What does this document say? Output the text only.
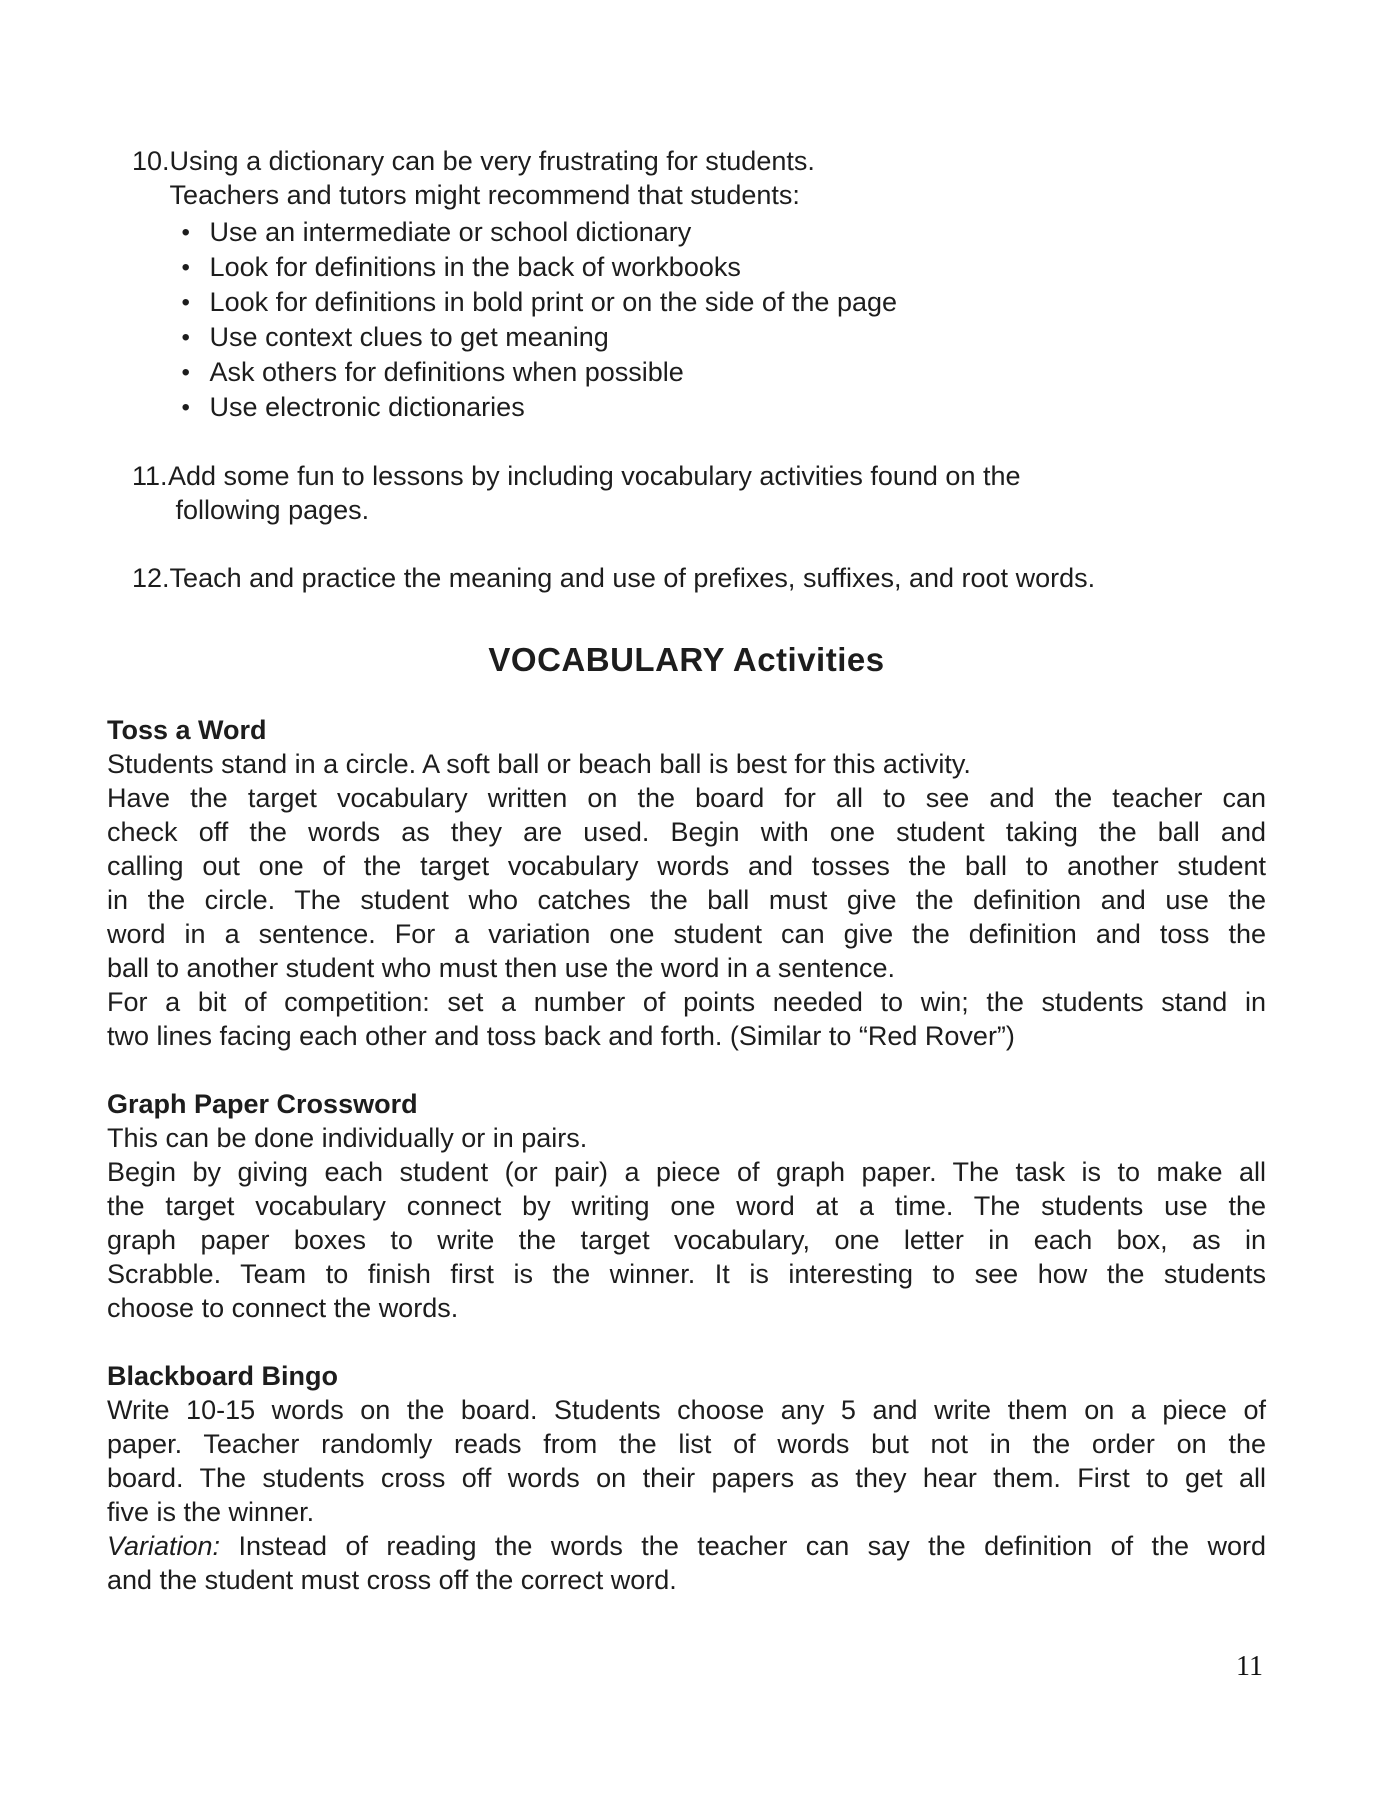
10. Using a dictionary can be very frustrating for students.
Teachers and tutors might recommend that students:
• Use an intermediate or school dictionary
• Look for definitions in the back of workbooks
• Look for definitions in bold print or on the side of the page
• Use context clues to get meaning
• Ask others for definitions when possible
• Use electronic dictionaries
11. Add some fun to lessons by including vocabulary activities found on the
following pages.
12. Teach and practice the meaning and use of prefixes, suffixes, and root words.
VOCABULARY Activities
Toss a Word
Students stand in a circle. A soft ball or beach ball is best for this activity.
Have the target vocabulary written on the board for all to see and the teacher can
check off the words as they are used. Begin with one student taking the ball and
calling out one of the target vocabulary words and tosses the ball to another student
in the circle. The student who catches the ball must give the definition and use the
word in a sentence. For a variation one student can give the definition and toss the
ball to another student who must then use the word in a sentence.
For a bit of competition: set a number of points needed to win; the students stand in
two lines facing each other and toss back and forth. (Similar to “Red Rover”)
Graph Paper Crossword
This can be done individually or in pairs.
Begin by giving each student (or pair) a piece of graph paper. The task is to make all
the target vocabulary connect by writing one word at a time. The students use the
graph paper boxes to write the target vocabulary, one letter in each box, as in
Scrabble. Team to finish first is the winner. It is interesting to see how the students
choose to connect the words.
Blackboard Bingo
Write 10-15 words on the board. Students choose any 5 and write them on a piece of
paper. Teacher randomly reads from the list of words but not in the order on the
board. The students cross off words on their papers as they hear them. First to get all
five is the winner.
Variation: Instead of reading the words the teacher can say the definition of the word
and the student must cross off the correct word.
11
